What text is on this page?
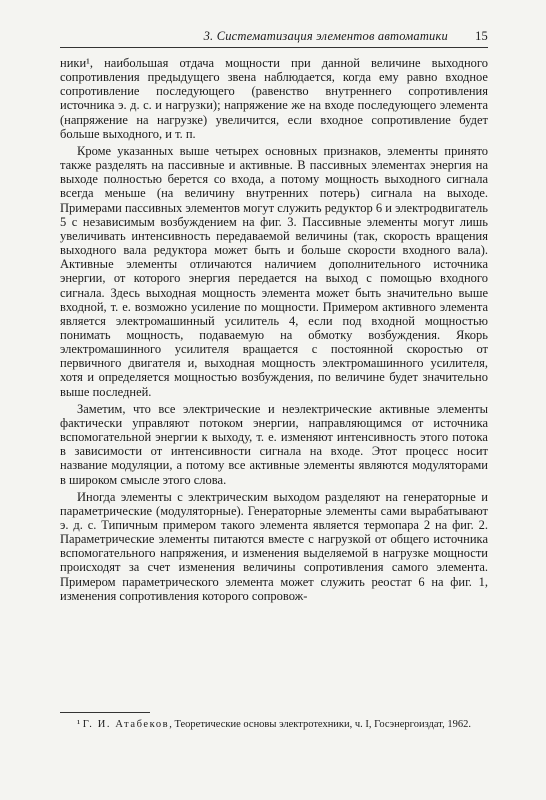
3. Систематизация элементов автоматики 15

ники¹, наибольшая отдача мощности при данной величине выходного сопротивления предыдущего звена наблюдается, когда ему равно входное сопротивление последующего (равенство внутреннего сопротивления источника э. д. с. и нагрузки); напряжение же на входе последующего элемента (напряжение на нагрузке) увеличится, если входное сопротивление будет больше выходного, и т. п.

Кроме указанных выше четырех основных признаков, элементы принято также разделять на пассивные и активные. В пассивных элементах энергия на выходе полностью берется со входа, а потому мощность выходного сигнала всегда меньше (на величину внутренних потерь) сигнала на выходе. Примерами пассивных элементов могут служить редуктор 6 и электродвигатель 5 с независимым возбуждением на фиг. 3. Пассивные элементы могут лишь увеличивать интенсивность передаваемой величины (так, скорость вращения выходного вала редуктора может быть и больше скорости входного вала). Активные элементы отличаются наличием дополнительного источника энергии, от которого энергия передается на выход с помощью входного сигнала. Здесь выходная мощность элемента может быть значительно выше входной, т. е. возможно усиление по мощности. Примером активного элемента является электромашинный усилитель 4, если под входной мощностью понимать мощность, подаваемую на обмотку возбуждения. Якорь электромашинного усилителя вращается с постоянной скоростью от первичного двигателя и, выходная мощность электромашинного усилителя, хотя и определяется мощностью возбуждения, по величине будет значительно выше последней.

Заметим, что все электрические и неэлектрические активные элементы фактически управляют потоком энергии, направляющимся от источника вспомогательной энергии к выходу, т. е. изменяют интенсивность этого потока в зависимости от интенсивности сигнала на входе. Этот процесс носит название модуляции, а потому все активные элементы являются модуляторами в широком смысле этого слова.

Иногда элементы с электрическим выходом разделяют на генераторные и параметрические (модуляторные). Генераторные элементы сами вырабатывают э. д. с. Типичным примером такого элемента является термопара 2 на фиг. 2. Параметрические элементы питаются вместе с нагрузкой от общего источника вспомогательного напряжения, и изменения выделяемой в нагрузке мощности происходят за счет изменения величины сопротивления самого элемента. Примером параметрического элемента может служить реостат 6 на фиг. 1, изменения сопротивления которого сопровож-

¹ Г. И. Атабеков, Теоретические основы электротехники, ч. I, Госэнергоиздат, 1962.
